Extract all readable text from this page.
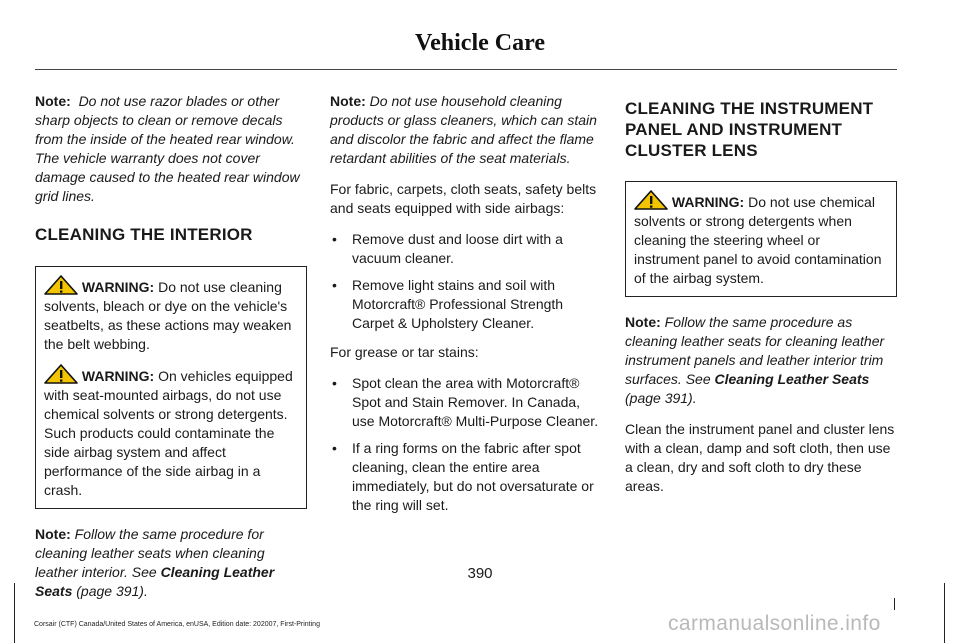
Vehicle Care

Note: Do not use razor blades or other sharp objects to clean or remove decals from the inside of the heated rear window. The vehicle warranty does not cover damage caused to the heated rear window grid lines.

CLEANING THE INTERIOR

WARNING: Do not use cleaning solvents, bleach or dye on the vehicle's seatbelts, as these actions may weaken the belt webbing.

WARNING: On vehicles equipped with seat-mounted airbags, do not use chemical solvents or strong detergents. Such products could contaminate the side airbag system and affect performance of the side airbag in a crash.

Note: Follow the same procedure for cleaning leather seats when cleaning leather interior. See Cleaning Leather Seats (page 391).

Note: Do not use household cleaning products or glass cleaners, which can stain and discolor the fabric and affect the flame retardant abilities of the seat materials.

For fabric, carpets, cloth seats, safety belts and seats equipped with side airbags:

• Remove dust and loose dirt with a vacuum cleaner.
• Remove light stains and soil with Motorcraft® Professional Strength Carpet & Upholstery Cleaner.

For grease or tar stains:

• Spot clean the area with Motorcraft® Spot and Stain Remover. In Canada, use Motorcraft® Multi-Purpose Cleaner.
• If a ring forms on the fabric after spot cleaning, clean the entire area immediately, but do not oversaturate or the ring will set.
CLEANING THE INSTRUMENT
PANEL AND INSTRUMENT
CLUSTER LENS

WARNING: Do not use chemical solvents or strong detergents when cleaning the steering wheel or instrument panel to avoid contamination of the airbag system.

Note: Follow the same procedure as cleaning leather seats for cleaning leather instrument panels and leather interior trim surfaces. See Cleaning Leather Seats (page 391).

Clean the instrument panel and cluster lens with a clean, damp and soft cloth, then use a clean, dry and soft cloth to dry these areas.

390
Corsair (CTF) Canada/United States of America, enUSA, Edition date: 202007, First-Printing	carmanualsonline.info
